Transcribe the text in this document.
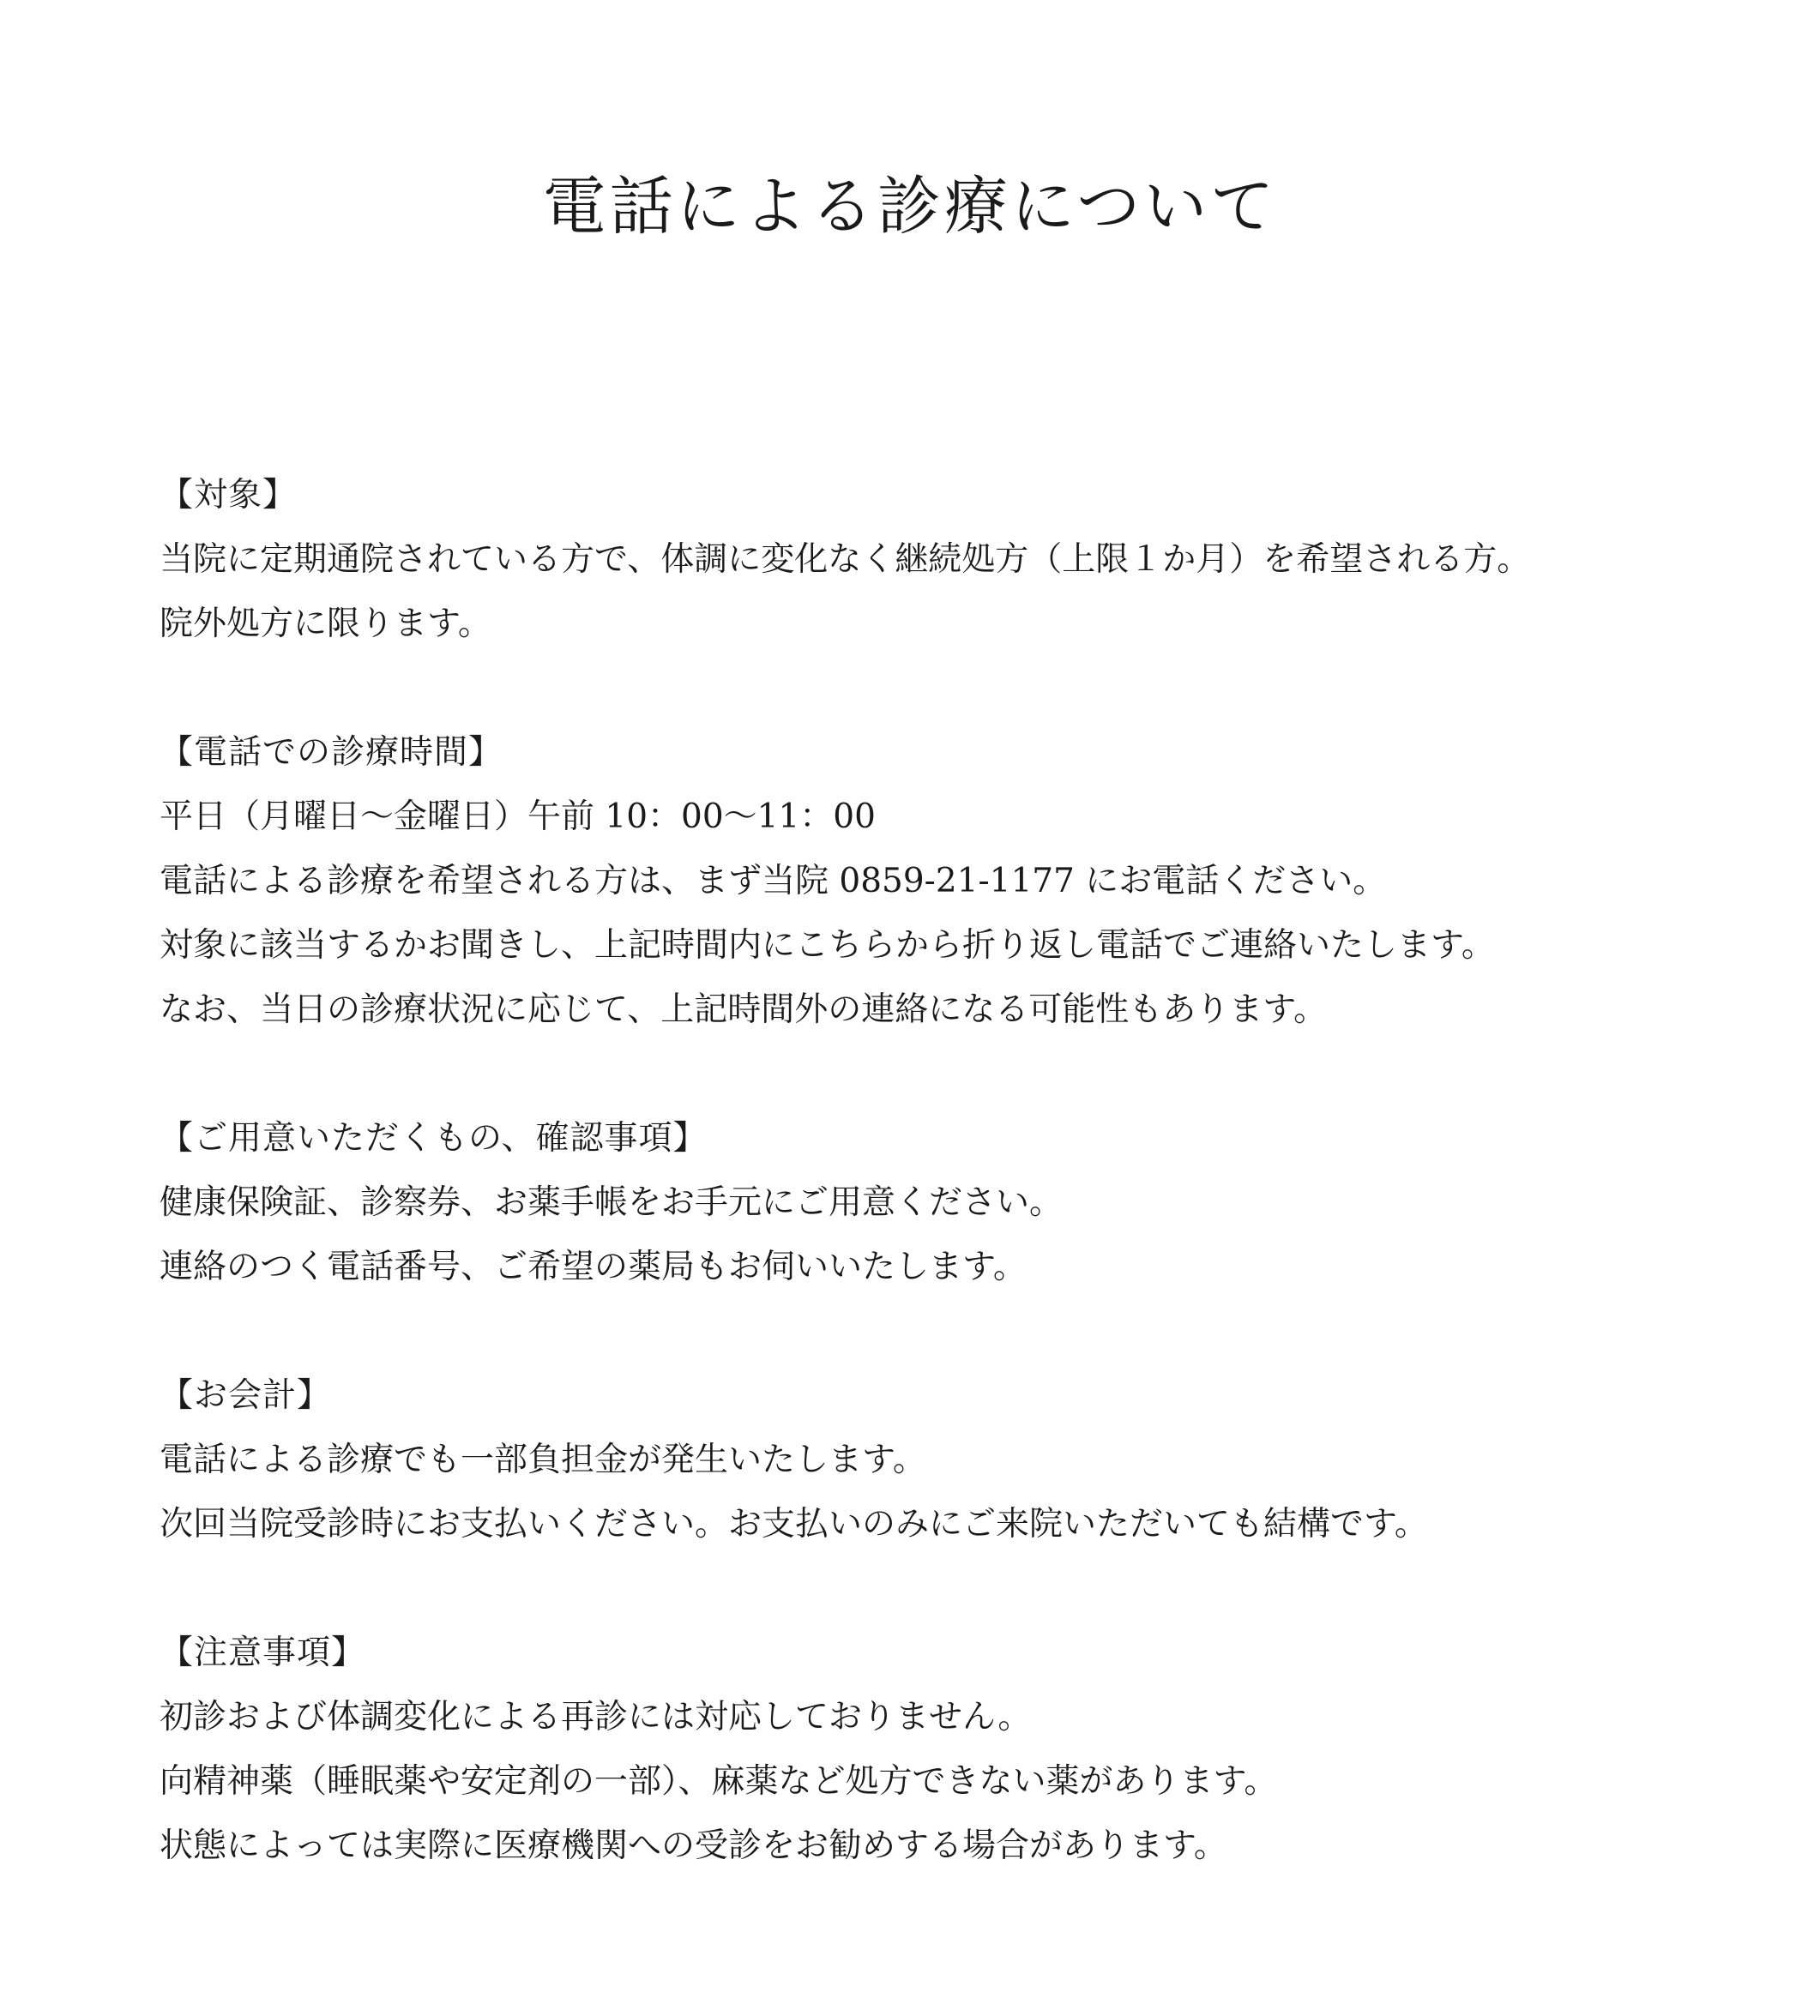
電話による診療について

【対象】

当院に定期通院されている方で、体調に変化なく継続処方（上限１か月）を希望される方。

院外処方に限ります。

【電話での診療時間】

平日（月曜日〜金曜日）午前 10：00〜11：00

電話による診療を希望される方は、まず当院 0859-21-1177 にお電話ください。

対象に該当するかお聞きし、上記時間内にこちらから折り返し電話でご連絡いたします。

なお、当日の診療状況に応じて、上記時間外の連絡になる可能性もあります。

【ご用意いただくもの、確認事項】

健康保険証、診察券、お薬手帳をお手元にご用意ください。

連絡のつく電話番号、ご希望の薬局もお伺いいたします。

【お会計】

電話による診療でも一部負担金が発生いたします。

次回当院受診時にお支払いください。お支払いのみにご来院いただいても結構です。

【注意事項】

初診および体調変化による再診には対応しておりません。

向精神薬（睡眠薬や安定剤の一部）、麻薬など処方できない薬があります。

状態によっては実際に医療機関への受診をお勧めする場合があります。
